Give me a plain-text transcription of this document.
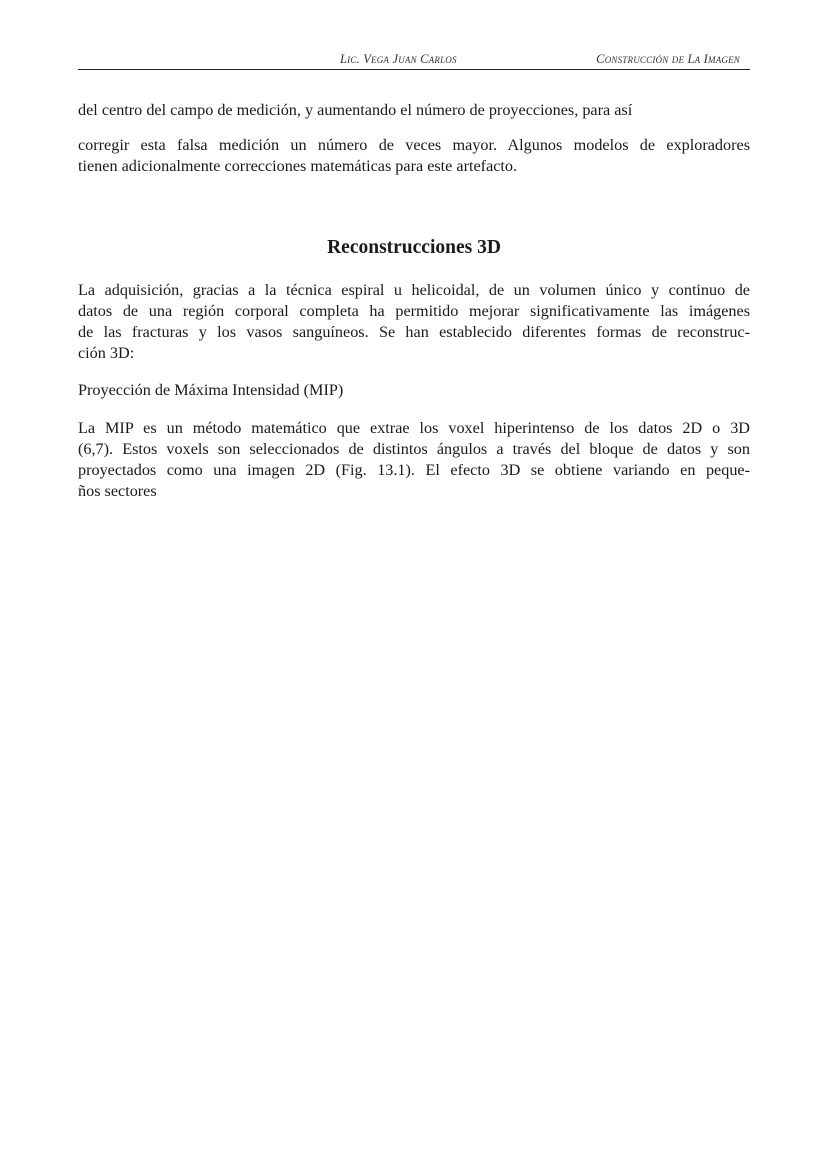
Lic. Vega Juan Carlos	Construcción de La Imagen

del centro del campo de medición, y aumentando el número de proyecciones, para así

corregir esta falsa medición un número de veces mayor. Algunos modelos de exploradores
tienen adicionalmente correcciones matemáticas para este artefacto.

Reconstrucciones 3D

La adquisición, gracias a la técnica espiral u helicoidal, de un volumen único y continuo de
datos de una región corporal completa ha permitido mejorar significativamente las imágenes
de las fracturas y los vasos sanguíneos. Se han establecido diferentes formas de reconstruc-
ción 3D:

Proyección de Máxima Intensidad (MIP)

La MIP es un método matemático que extrae los voxel hiperintenso de los datos 2D o 3D
(6,7). Estos voxels son seleccionados de distintos ángulos a través del bloque de datos y son
proyectados como una imagen 2D (Fig. 13.1). El efecto 3D se obtiene variando en peque-
ños sectores
